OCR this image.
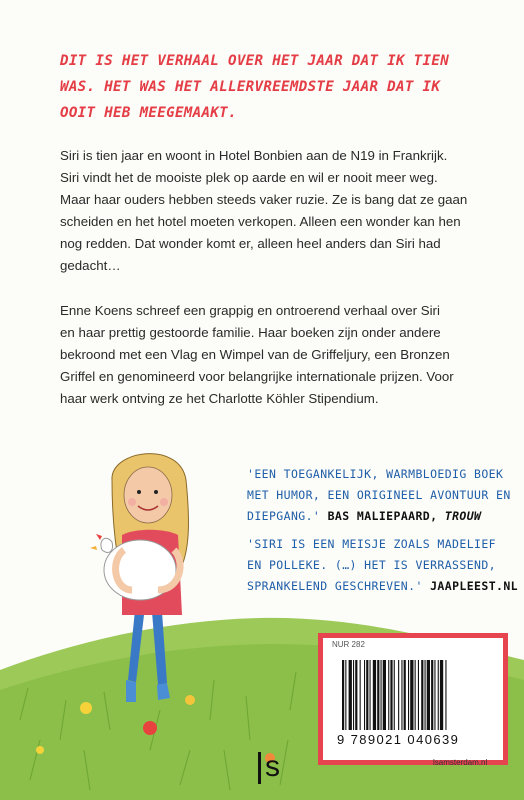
DIT IS HET VERHAAL OVER HET JAAR DAT IK TIEN
WAS. HET WAS HET ALLERVREEMDSTE JAAR DAT IK
OOIT HEB MEEGEMAAKT.
Siri is tien jaar en woont in Hotel Bonbien aan de N19 in Frankrijk.
Siri vindt het de mooiste plek op aarde en wil er nooit meer weg.
Maar haar ouders hebben steeds vaker ruzie. Ze is bang dat ze gaan
scheiden en het hotel moeten verkopen. Alleen een wonder kan hen
nog redden. Dat wonder komt er, alleen heel anders dan Siri had
gedacht…
Enne Koens schreef een grappig en ontroerend verhaal over Siri
en haar prettig gestoorde familie. Haar boeken zijn onder andere
bekroond met een Vlag en Wimpel van de Griffeljury, een Bronzen
Griffel en genomineerd voor belangrijke internationale prijzen. Voor
haar werk ontving ze het Charlotte Köhler Stipendium.
'EEN TOEGANKELIJK, WARMBLOEDIG BOEK
MET HUMOR, EEN ORIGINEEL AVONTUUR EN
DIEPGANG.' BAS MALIEPAARD, TROUW
'SIRI IS EEN MEISJE ZOALS MADELIEF
EN POLLEKE. (…) HET IS VERRASSEND,
SPRANKELEND GESCHREVEN.' JAAPLEEST.NL
NUR 282
9 789021 040639
lsamsterdam.nl
s
